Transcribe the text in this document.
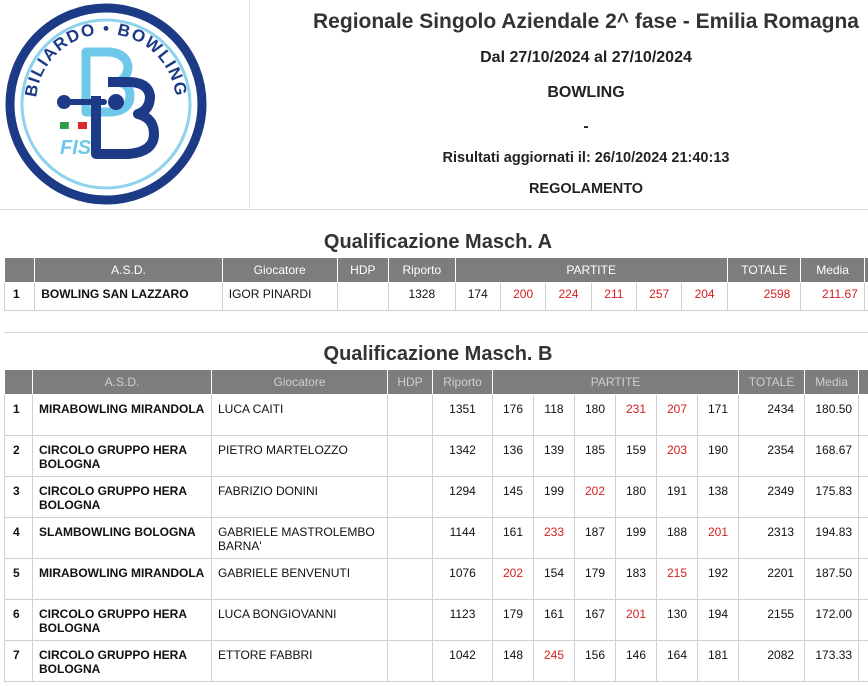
BILIARDO • BOWLING
FIS
Regionale Singolo Aziendale 2^ fase - Emilia Romagna
Dal 27/10/2024 al 27/10/2024
BOWLING
-
Risultati aggiornati il: 26/10/2024 21:40:13
REGOLAMENTO
Qualificazione Masch. A
	A.S.D.	Giocatore	HDP	Riporto	PARTITE						TOTALE	Media	
1	BOWLING SAN LAZZARO	IGOR PINARDI		1328	174	200	224	211	257	204	2598	211.67	
Qualificazione Masch. B
	A.S.D.	Giocatore	HDP	Riporto	PARTITE						TOTALE	Media	
1	MIRABOWLING MIRANDOLA	LUCA CAITI		1351	176	118	180	231	207	171	2434	180.50	
2	CIRCOLO GRUPPO HERA BOLOGNA	PIETRO MARTELOZZO		1342	136	139	185	159	203	190	2354	168.67	
3	CIRCOLO GRUPPO HERA BOLOGNA	FABRIZIO DONINI		1294	145	199	202	180	191	138	2349	175.83	
4	SLAMBOWLING BOLOGNA	GABRIELE MASTROLEMBO BARNA'		1144	161	233	187	199	188	201	2313	194.83	
5	MIRABOWLING MIRANDOLA	GABRIELE BENVENUTI		1076	202	154	179	183	215	192	2201	187.50	
6	CIRCOLO GRUPPO HERA BOLOGNA	LUCA BONGIOVANNI		1123	179	161	167	201	130	194	2155	172.00	
7	CIRCOLO GRUPPO HERA BOLOGNA	ETTORE FABBRI		1042	148	245	156	146	164	181	2082	173.33	
